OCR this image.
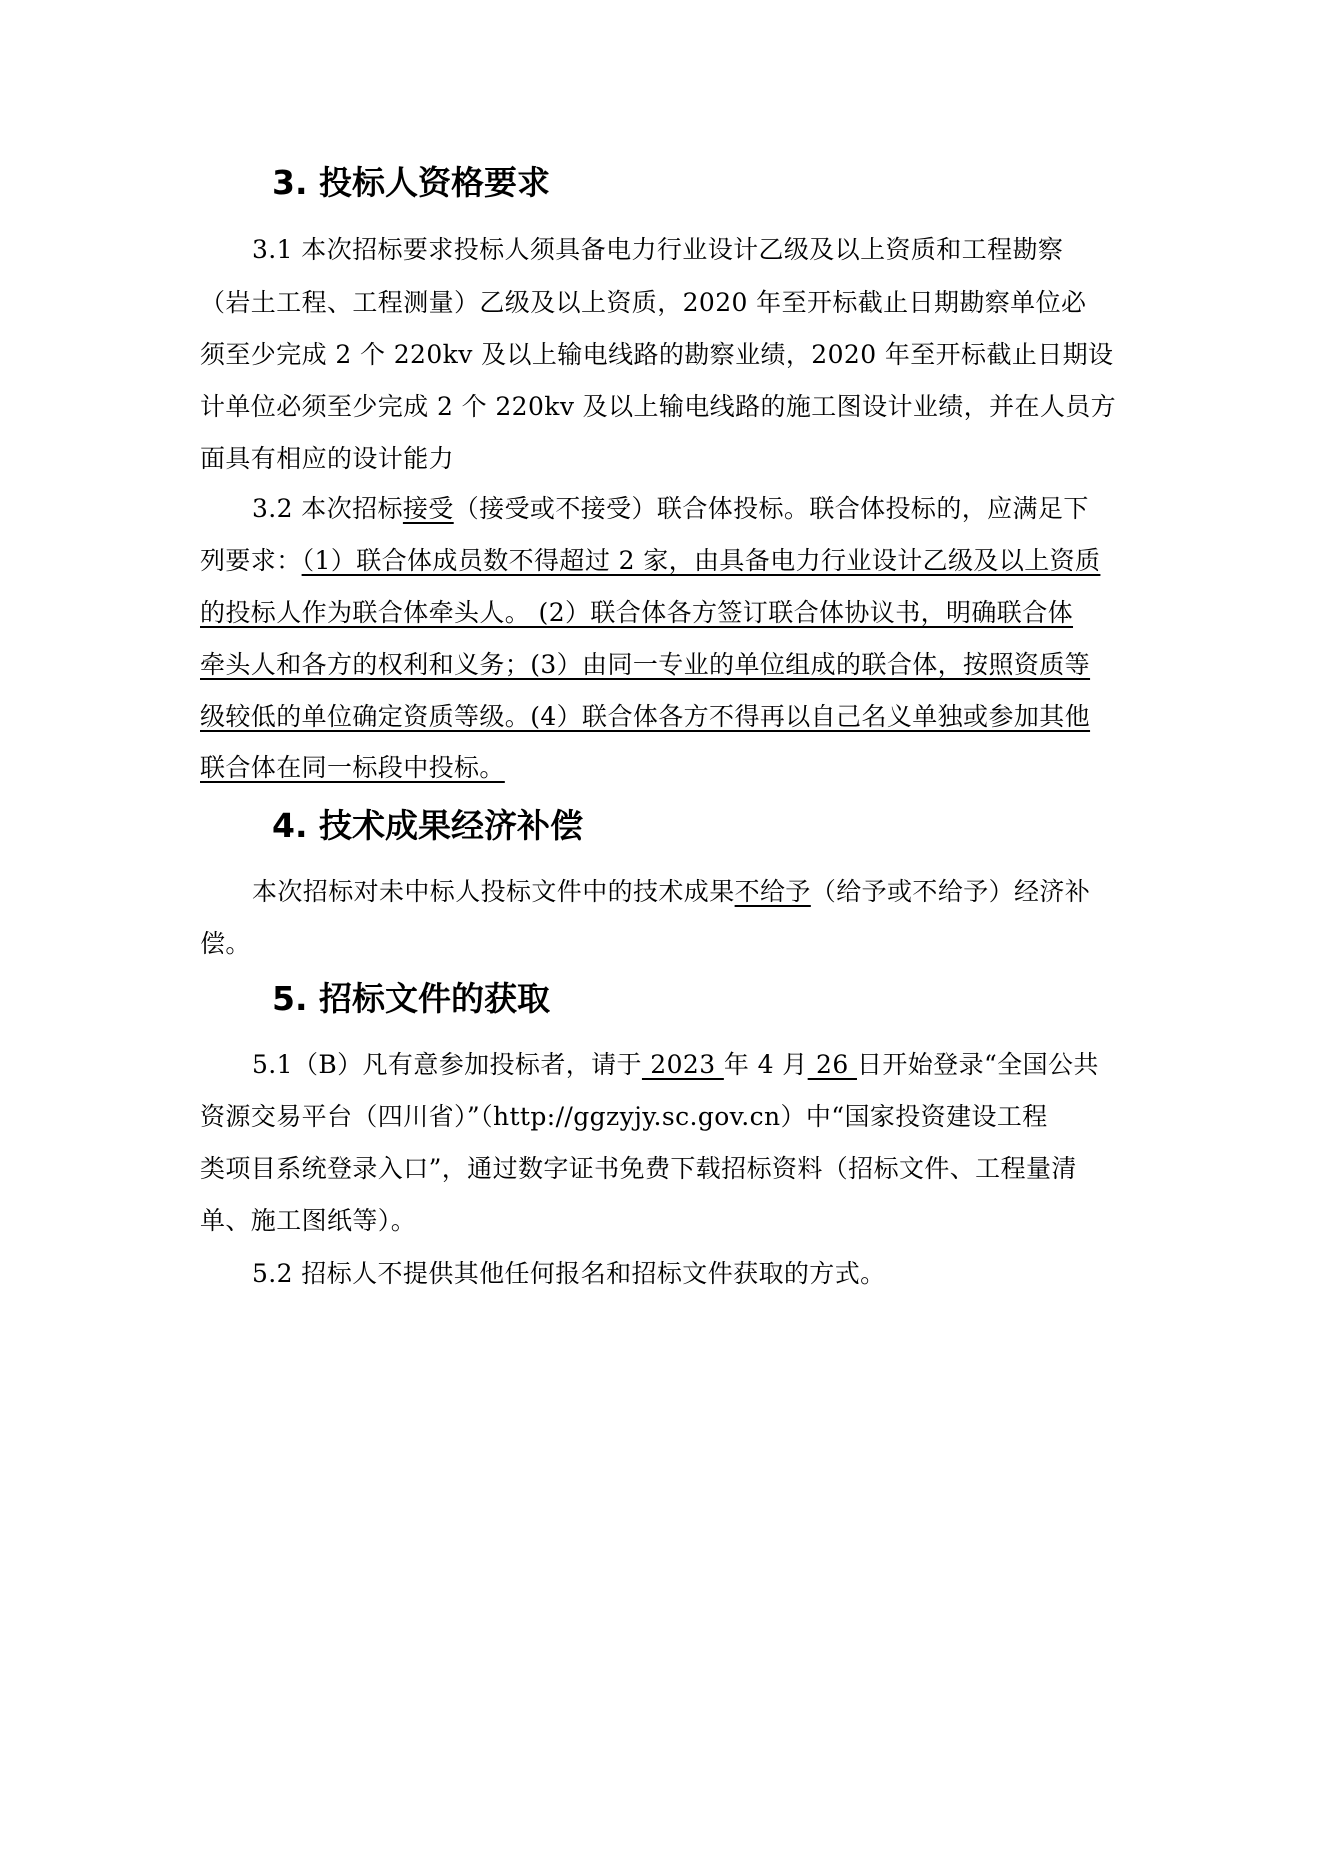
3. 投标人资格要求
3.1 本次招标要求投标人须具备电力行业设计乙级及以上资质和工程勘察
（岩土工程、工程测量）乙级及以上资质，2020 年至开标截止日期勘察单位必
须至少完成 2 个 220kv 及以上输电线路的勘察业绩，2020 年至开标截止日期设
计单位必须至少完成 2 个 220kv 及以上输电线路的施工图设计业绩，并在人员方
面具有相应的设计能力
3.2 本次招标接受（接受或不接受）联合体投标。联合体投标的，应满足下
列要求：（1）联合体成员数不得超过 2 家，由具备电力行业设计乙级及以上资质
的投标人作为联合体牵头人。 (2）联合体各方签订联合体协议书，明确联合体
牵头人和各方的权利和义务；(3）由同一专业的单位组成的联合体，按照资质等
级较低的单位确定资质等级。(4）联合体各方不得再以自己名义单独或参加其他
联合体在同一标段中投标。
4. 技术成果经济补偿
本次招标对未中标人投标文件中的技术成果不给予（给予或不给予）经济补
偿。
5. 招标文件的获取
5.1（B）凡有意参加投标者，请于 2023 年 4 月 26 日开始登录“全国公共
资源交易平台（四川省）”（http://ggzyjy.sc.gov.cn）中“国家投资建设工程
类项目系统登录入口”，通过数字证书免费下载招标资料（招标文件、工程量清
单、施工图纸等）。
5.2 招标人不提供其他任何报名和招标文件获取的方式。
